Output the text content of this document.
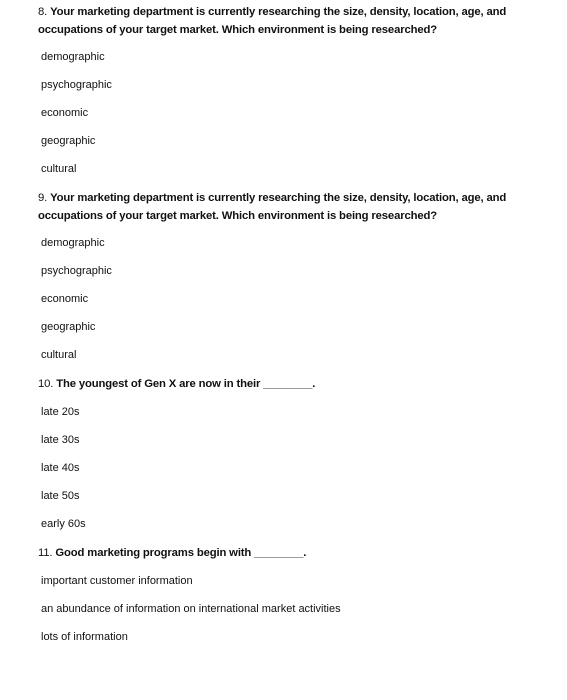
8. Your marketing department is currently researching the size, density, location, age, and occupations of your target market. Which environment is being researched?
demographic
psychographic
economic
geographic
cultural
9. Your marketing department is currently researching the size, density, location, age, and occupations of your target market. Which environment is being researched?
demographic
psychographic
economic
geographic
cultural
10. The youngest of Gen X are now in their ________.
late 20s
late 30s
late 40s
late 50s
early 60s
11. Good marketing programs begin with ________.
important customer information
an abundance of information on international market activities
lots of information
